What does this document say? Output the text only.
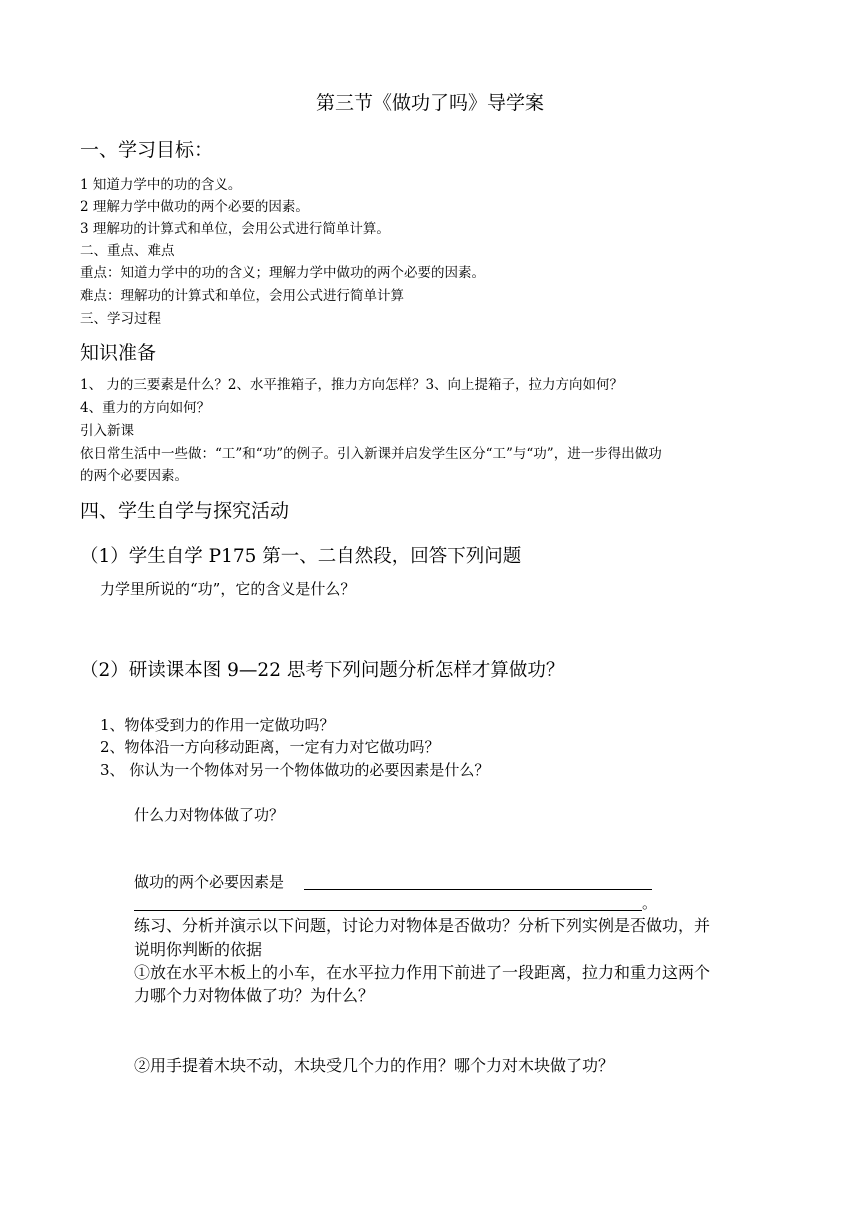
第三节《做功了吗》导学案
一、学习目标：
1 知道力学中的功的含义。
2 理解力学中做功的两个必要的因素。
3 理解功的计算式和单位，会用公式进行简单计算。
二、重点、难点
重点：知道力学中的功的含义；理解力学中做功的两个必要的因素。
难点：理解功的计算式和单位，会用公式进行简单计算
三、学习过程
知识准备
1、 力的三要素是什么？2、水平推箱子，推力方向怎样？3、向上提箱子，拉力方向如何？
4、重力的方向如何？
引入新课
依日常生活中一些做：“工”和“功”的例子。引入新课并启发学生区分“工”与“功”，进一步得出做功
的两个必要因素。
四、学生自学与探究活动
（1）学生自学 P175 第一、二自然段，回答下列问题
力学里所说的“功”，它的含义是什么？
（2）研读课本图 9—22 思考下列问题分析怎样才算做功？
1、物体受到力的作用一定做功吗？
2、物体沿一方向移动距离，一定有力对它做功吗？
3、 你认为一个物体对另一个物体做功的必要因素是什么？
什么力对物体做了功？
做功的两个必要因素是
。
练习、分析并演示以下问题，讨论力对物体是否做功？分析下列实例是否做功，并
说明你判断的依据
①放在水平木板上的小车，在水平拉力作用下前进了一段距离，拉力和重力这两个
力哪个力对物体做了功？为什么？
②用手提着木块不动，木块受几个力的作用？哪个力对木块做了功？
